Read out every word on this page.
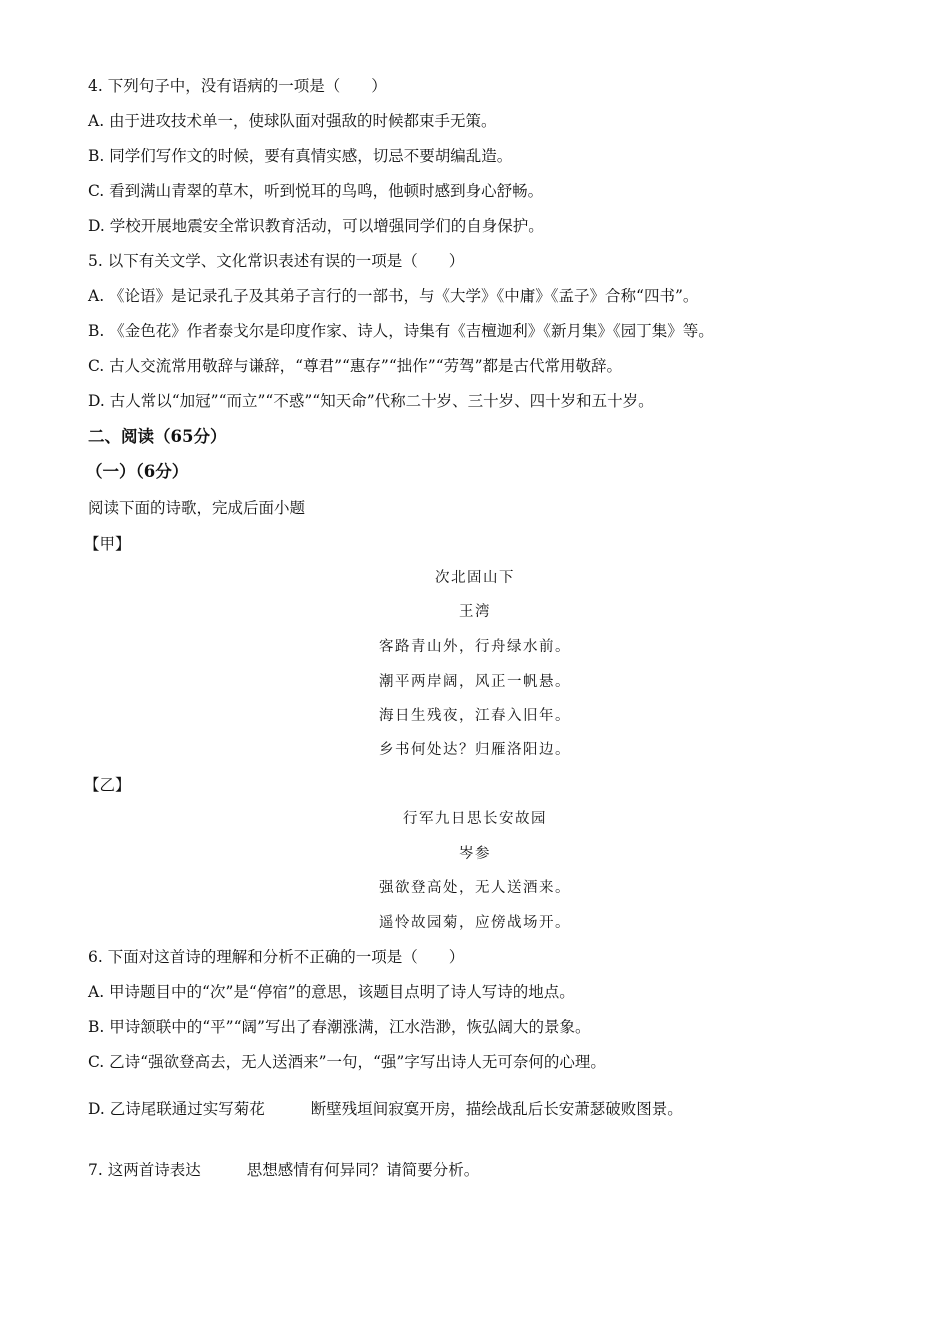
4. 下列句子中，没有语病的一项是（　　）
A. 由于进攻技术单一，使球队面对强敌的时候都束手无策。
B. 同学们写作文的时候，要有真情实感，切忌不要胡编乱造。
C. 看到满山青翠的草木，听到悦耳的鸟鸣，他顿时感到身心舒畅。
D. 学校开展地震安全常识教育活动，可以增强同学们的自身保护。
5. 以下有关文学、文化常识表述有误的一项是（　　）
A. 《论语》是记录孔子及其弟子言行的一部书，与《大学》《中庸》《孟子》合称“四书”。
B. 《金色花》作者泰戈尔是印度作家、诗人，诗集有《吉檀迦利》《新月集》《园丁集》等。
C. 古人交流常用敬辞与谦辞，“尊君”“惠存”“拙作”“劳驾”都是古代常用敬辞。
D. 古人常以“加冠”“而立”“不惑”“知天命”代称二十岁、三十岁、四十岁和五十岁。
二、阅读（65分）
（一）（6分）
阅读下面的诗歌，完成后面小题
【甲】
次北固山下
王湾
客路青山外，行舟绿水前。
潮平两岸阔，风正一帆悬。
海日生残夜，江春入旧年。
乡书何处达？归雁洛阳边。
【乙】
行军九日思长安故园
岑参
强欲登高处，无人送酒来。
遥怜故园菊，应傍战场开。
6. 下面对这首诗的理解和分析不正确的一项是（　　）
A. 甲诗题目中的“次”是“停宿”的意思，该题目点明了诗人写诗的地点。
B. 甲诗颔联中的“平”“阔”写出了春潮涨满，江水浩渺，恢弘阔大的景象。
C. 乙诗“强欲登高去，无人送酒来”一句，“强”字写出诗人无可奈何的心理。
D. 乙诗尾联通过实写菊花	断壁残垣间寂寞开房，描绘战乱后长安萧瑟破败图景。
7. 这两首诗表达	思想感情有何异同？请简要分析。
